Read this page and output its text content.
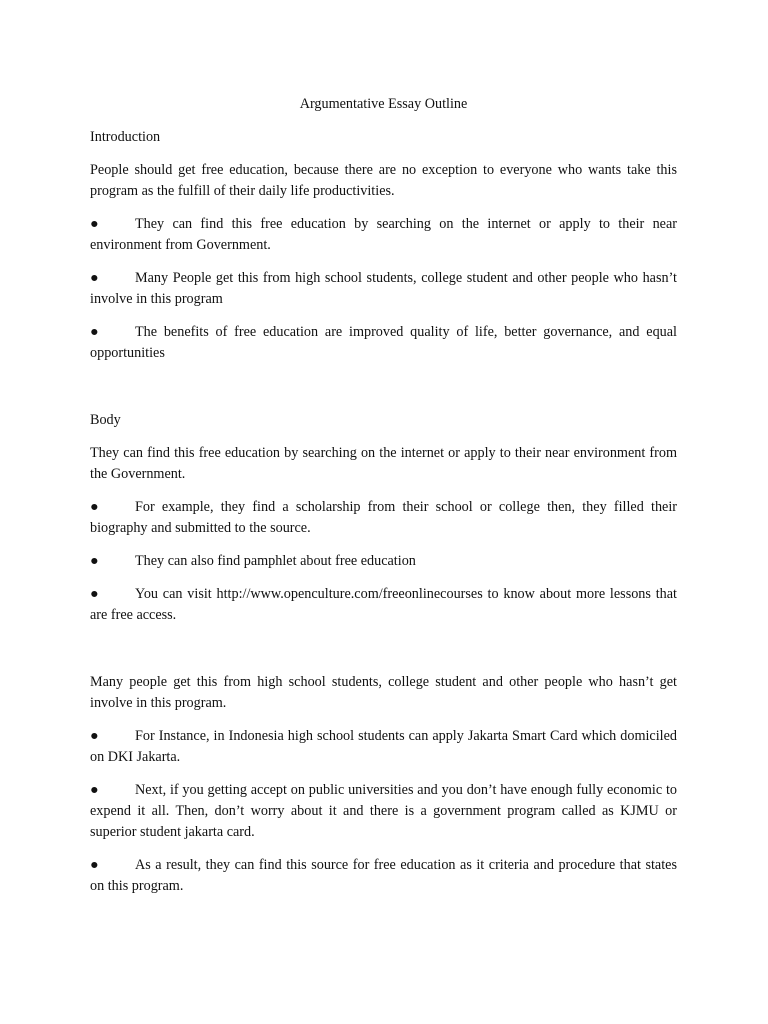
Argumentative Essay Outline
Introduction
People should get free education, because there are no exception to everyone who wants take this program as the fulfill of their daily life productivities.
●	They can find this free education by searching on the internet or apply to their near environment from Government.
●	Many People get this from high school students, college student and other people who hasn’t involve in this program
●	The benefits of free education are improved quality of life, better governance, and equal opportunities
Body
They can find this free education by searching on the internet or apply to their near environment from the Government.
●	For example, they find a scholarship from their school or college then, they filled their biography and submitted to the source.
●	They can also find pamphlet about free education
●	You can visit http://www.openculture.com/freeonlinecourses to know about more lessons that are free access.
Many people get this from high school students, college student and other people who hasn’t get involve in this program.
●	For Instance, in Indonesia high school students can apply Jakarta Smart Card which domiciled on DKI Jakarta.
●	Next, if you getting accept on public universities and you don’t have enough fully economic to expend it all. Then, don’t worry about it and there is a government program called as KJMU or superior student jakarta card.
●	As a result, they can find this source for free education as it criteria and procedure that states on this program.
